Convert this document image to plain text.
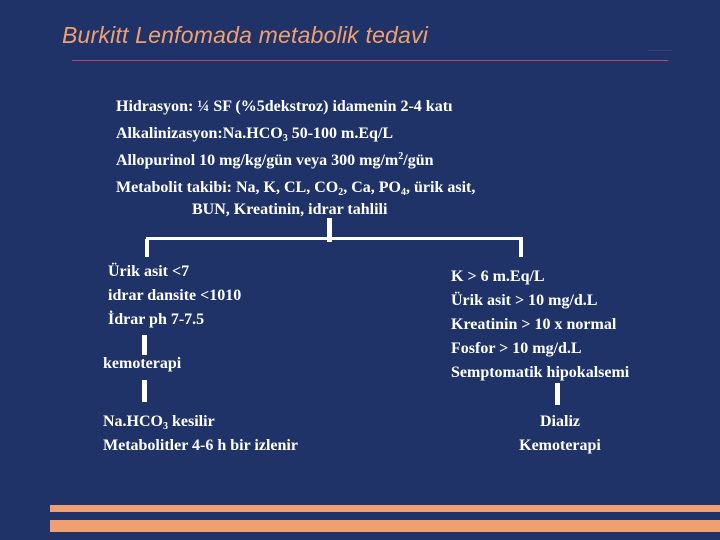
Burkitt Lenfomada metabolik tedavi
Hidrasyon: ¼ SF (%5dekstroz) idamenin 2-4 katı
$Alkalinizasyon:Na.HCO_3$ 50-100 m.Eq/L
Allopurinol 10 mg/kg/gün veya 300 $mg/m^2$/gün
Metabolit takibi: Na, K, CL, $CO_2$, Ca, $PO_4$, ürik asit,
BUN, Kreatinin, idrar tahlili
Ürik asit <7
idrar dansite <1010
İdrar ph 7-7.5
kemoterapi
$Na.HCO_3$ kesilir
Metabolitler 4-6 h bir izlenir
K > 6 m.Eq/L
Ürik asit > 10 mg/d.L
Kreatinin > 10 x normal
Fosfor > 10 mg/d.L
Semptomatik hipokalsemi
Dializ
Kemoterapi
